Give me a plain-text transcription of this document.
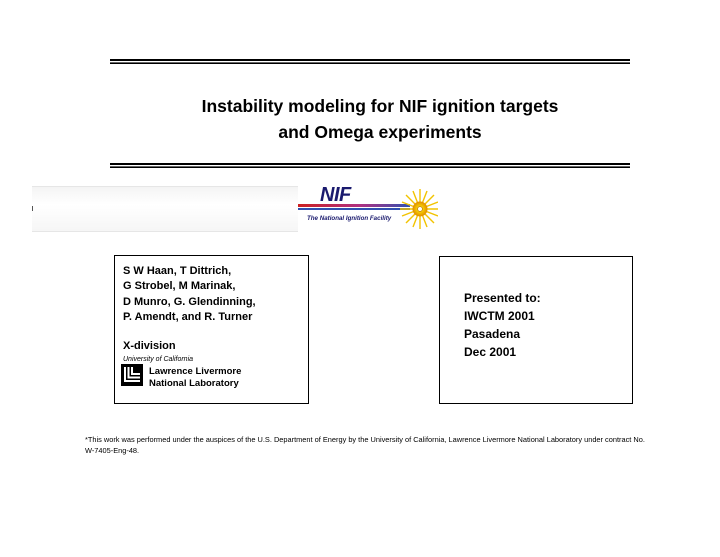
Instability modeling for NIF ignition targets
and Omega experiments
NIF
The National Ignition Facility
S W Haan, T Dittrich,
G Strobel, M Marinak,
D Munro, G. Glendinning,
P. Amendt, and R. Turner
X-division
University of California
Lawrence Livermore
National Laboratory
Presented to:
IWCTM 2001
Pasadena
Dec 2001
*This work was performed under the auspices of the U.S. Department of Energy by the University of California, Lawrence Livermore National Laboratory under contract No. W-7405-Eng-48.
